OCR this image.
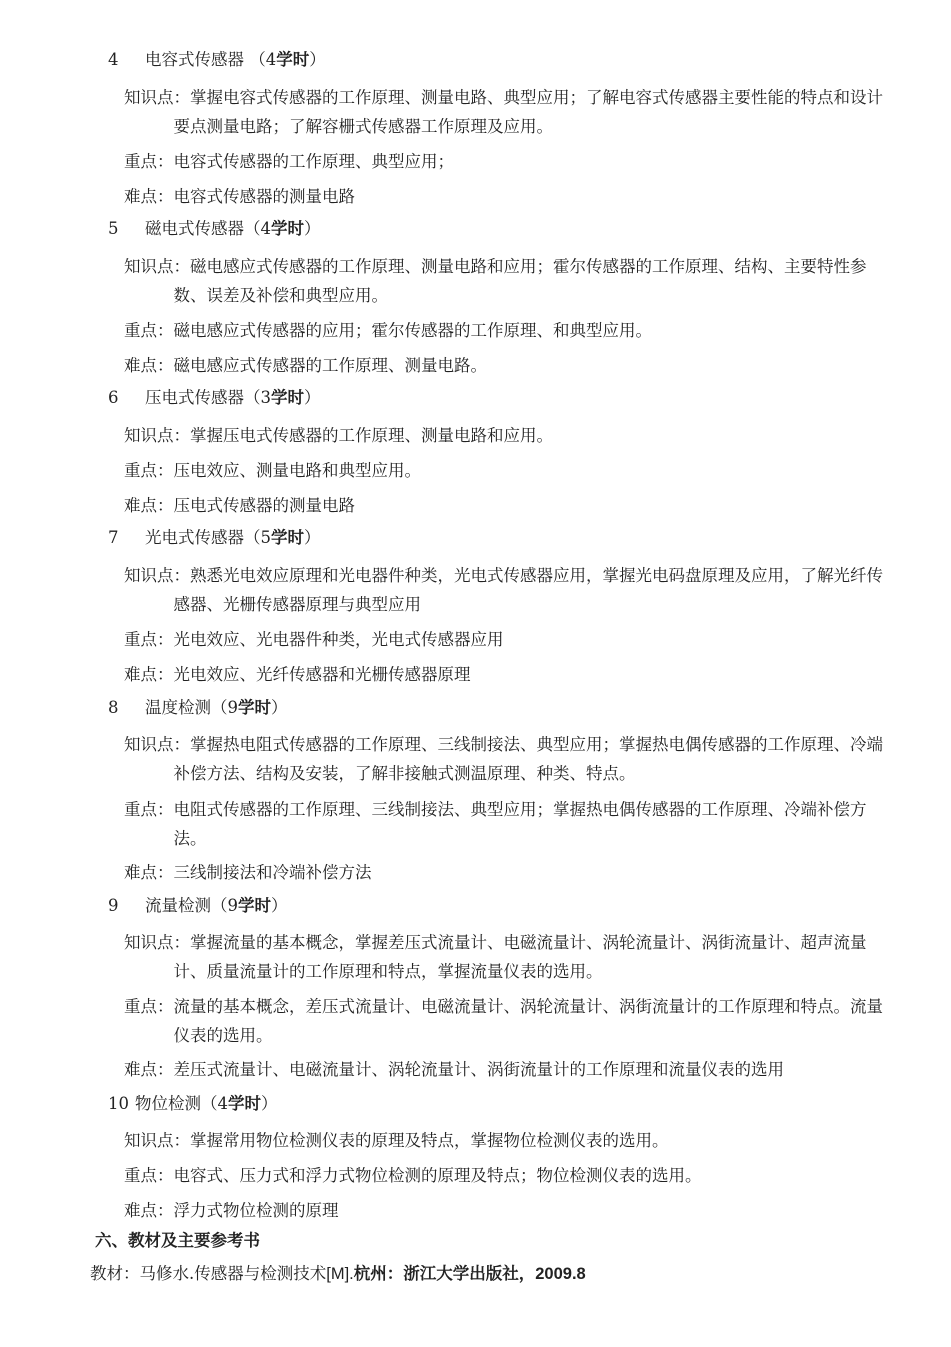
4 电容式传感器 （4学时）
知识点：掌握电容式传感器的工作原理、测量电路、典型应用；了解电容式传感器主要性能的特点和设计要点测量电路；了解容栅式传感器工作原理及应用。
重点：电容式传感器的工作原理、典型应用；
难点：电容式传感器的测量电路
5 磁电式传感器（4学时）
知识点：磁电感应式传感器的工作原理、测量电路和应用；霍尔传感器的工作原理、结构、主要特性参数、误差及补偿和典型应用。
重点：磁电感应式传感器的应用；霍尔传感器的工作原理、和典型应用。
难点：磁电感应式传感器的工作原理、测量电路。
6 压电式传感器（3学时）
知识点：掌握压电式传感器的工作原理、测量电路和应用。
重点：压电效应、测量电路和典型应用。
难点：压电式传感器的测量电路
7 光电式传感器（5学时）
知识点：熟悉光电效应原理和光电器件种类，光电式传感器应用，掌握光电码盘原理及应用，了解光纤传感器、光栅传感器原理与典型应用
重点：光电效应、光电器件种类，光电式传感器应用
难点：光电效应、光纤传感器和光栅传感器原理
8 温度检测（9学时）
知识点：掌握热电阻式传感器的工作原理、三线制接法、典型应用；掌握热电偶传感器的工作原理、冷端补偿方法、结构及安装，了解非接触式测温原理、种类、特点。
重点：电阻式传感器的工作原理、三线制接法、典型应用；掌握热电偶传感器的工作原理、冷端补偿方法。
难点：三线制接法和冷端补偿方法
9 流量检测（9学时）
知识点：掌握流量的基本概念，掌握差压式流量计、电磁流量计、涡轮流量计、涡街流量计、超声流量计、质量流量计的工作原理和特点，掌握流量仪表的选用。
重点：流量的基本概念，差压式流量计、电磁流量计、涡轮流量计、涡街流量计的工作原理和特点。流量仪表的选用。
难点：差压式流量计、电磁流量计、涡轮流量计、涡街流量计的工作原理和流量仪表的选用
10 物位检测（4学时）
知识点：掌握常用物位检测仪表的原理及特点，掌握物位检测仪表的选用。
重点：电容式、压力式和浮力式物位检测的原理及特点；物位检测仪表的选用。
难点：浮力式物位检测的原理
六、教材及主要参考书
教材：马修水.传感器与检测技术[M].杭州：浙江大学出版社，2009.8
